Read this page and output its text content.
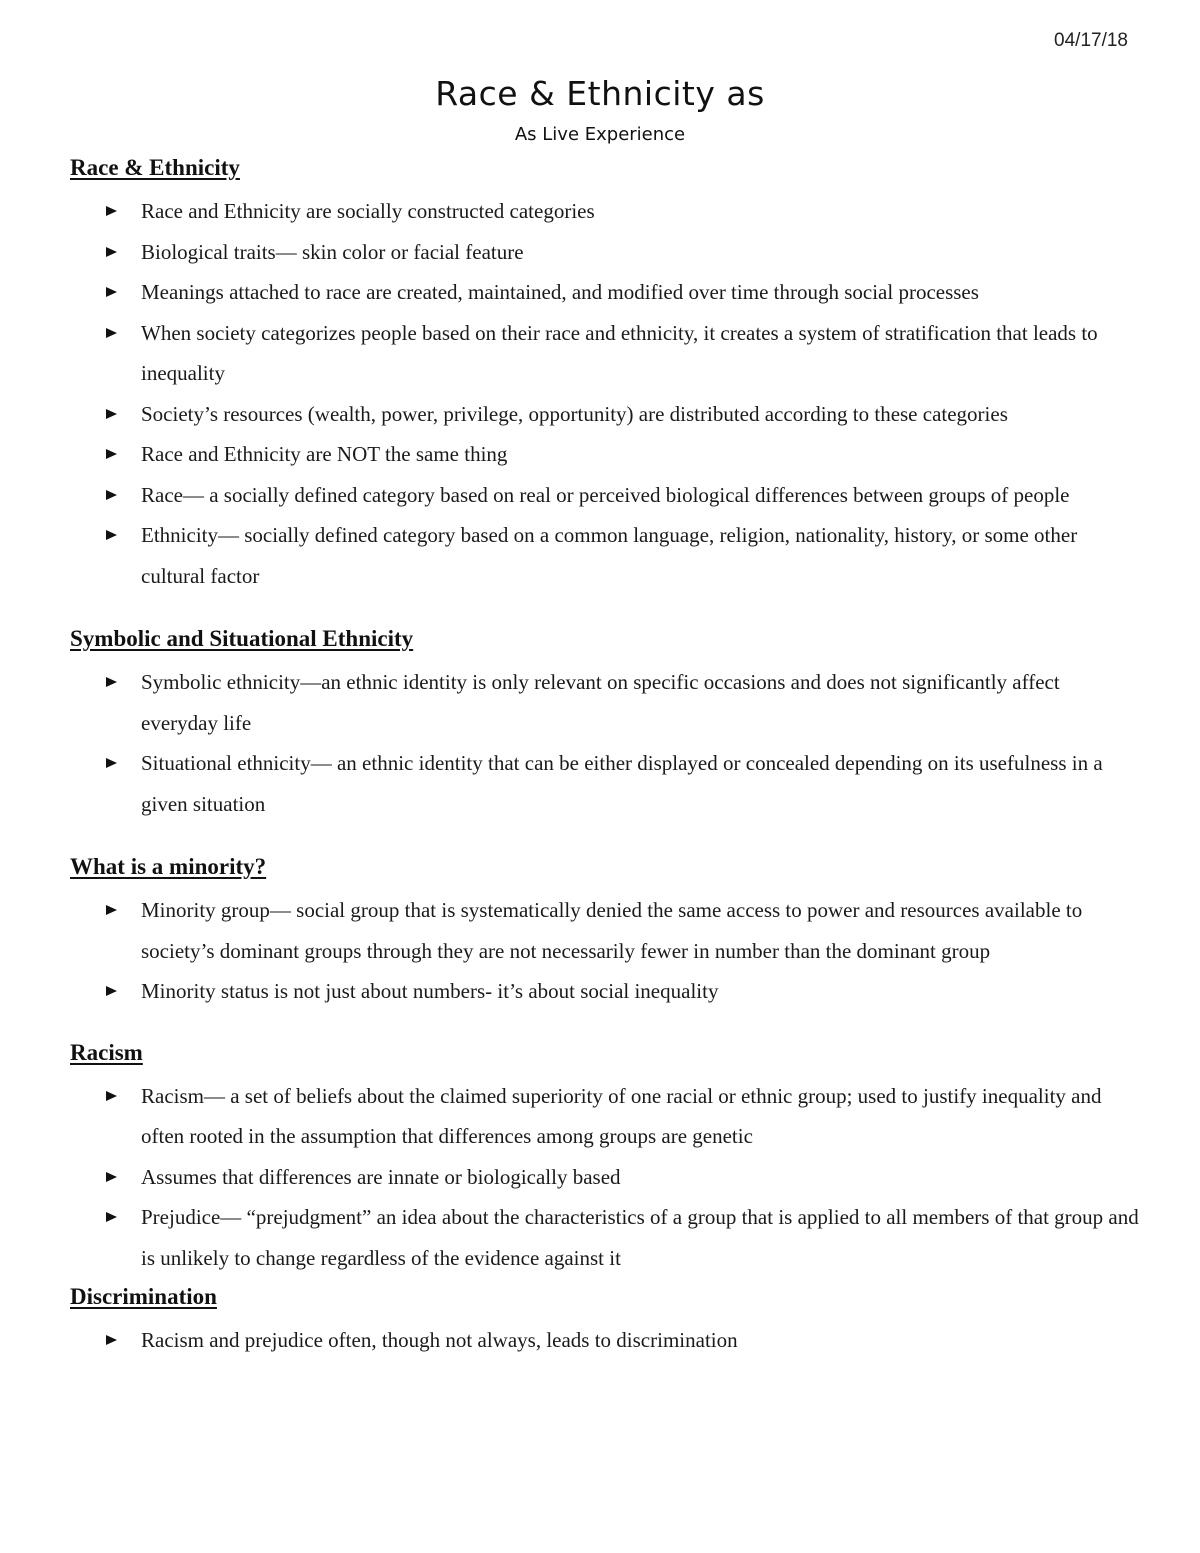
04/17/18
Race & Ethnicity as
As Live Experience
Race & Ethnicity
Race and Ethnicity are socially constructed categories
Biological traits— skin color or facial feature
Meanings attached to race are created, maintained, and modified over time through social processes
When society categorizes people based on their race and ethnicity, it creates a system of stratification that leads to inequality
Society’s resources (wealth, power, privilege, opportunity) are distributed according to these categories
Race and Ethnicity are NOT the same thing
Race— a socially defined category based on real or perceived biological differences between groups of people
Ethnicity— socially defined category based on a common language, religion, nationality, history, or some other cultural factor
Symbolic and Situational Ethnicity
Symbolic ethnicity—an ethnic identity is only relevant on specific occasions and does not significantly affect everyday life
Situational ethnicity— an ethnic identity that can be either displayed or concealed depending on its usefulness in a given situation
What is a minority?
Minority group— social group that is systematically denied the same access to power and resources available to society’s dominant groups through they are not necessarily fewer in number than the dominant group
Minority status is not just about numbers- it’s about social inequality
Racism
Racism— a set of beliefs about the claimed superiority of one racial or ethnic group; used to justify inequality and often rooted in the assumption that differences among groups are genetic
Assumes that differences are innate or biologically based
Prejudice— “prejudgment” an idea about the characteristics of a group that is applied to all members of that group and is unlikely to change regardless of the evidence against it
Discrimination
Racism and prejudice often, though not always, leads to discrimination
